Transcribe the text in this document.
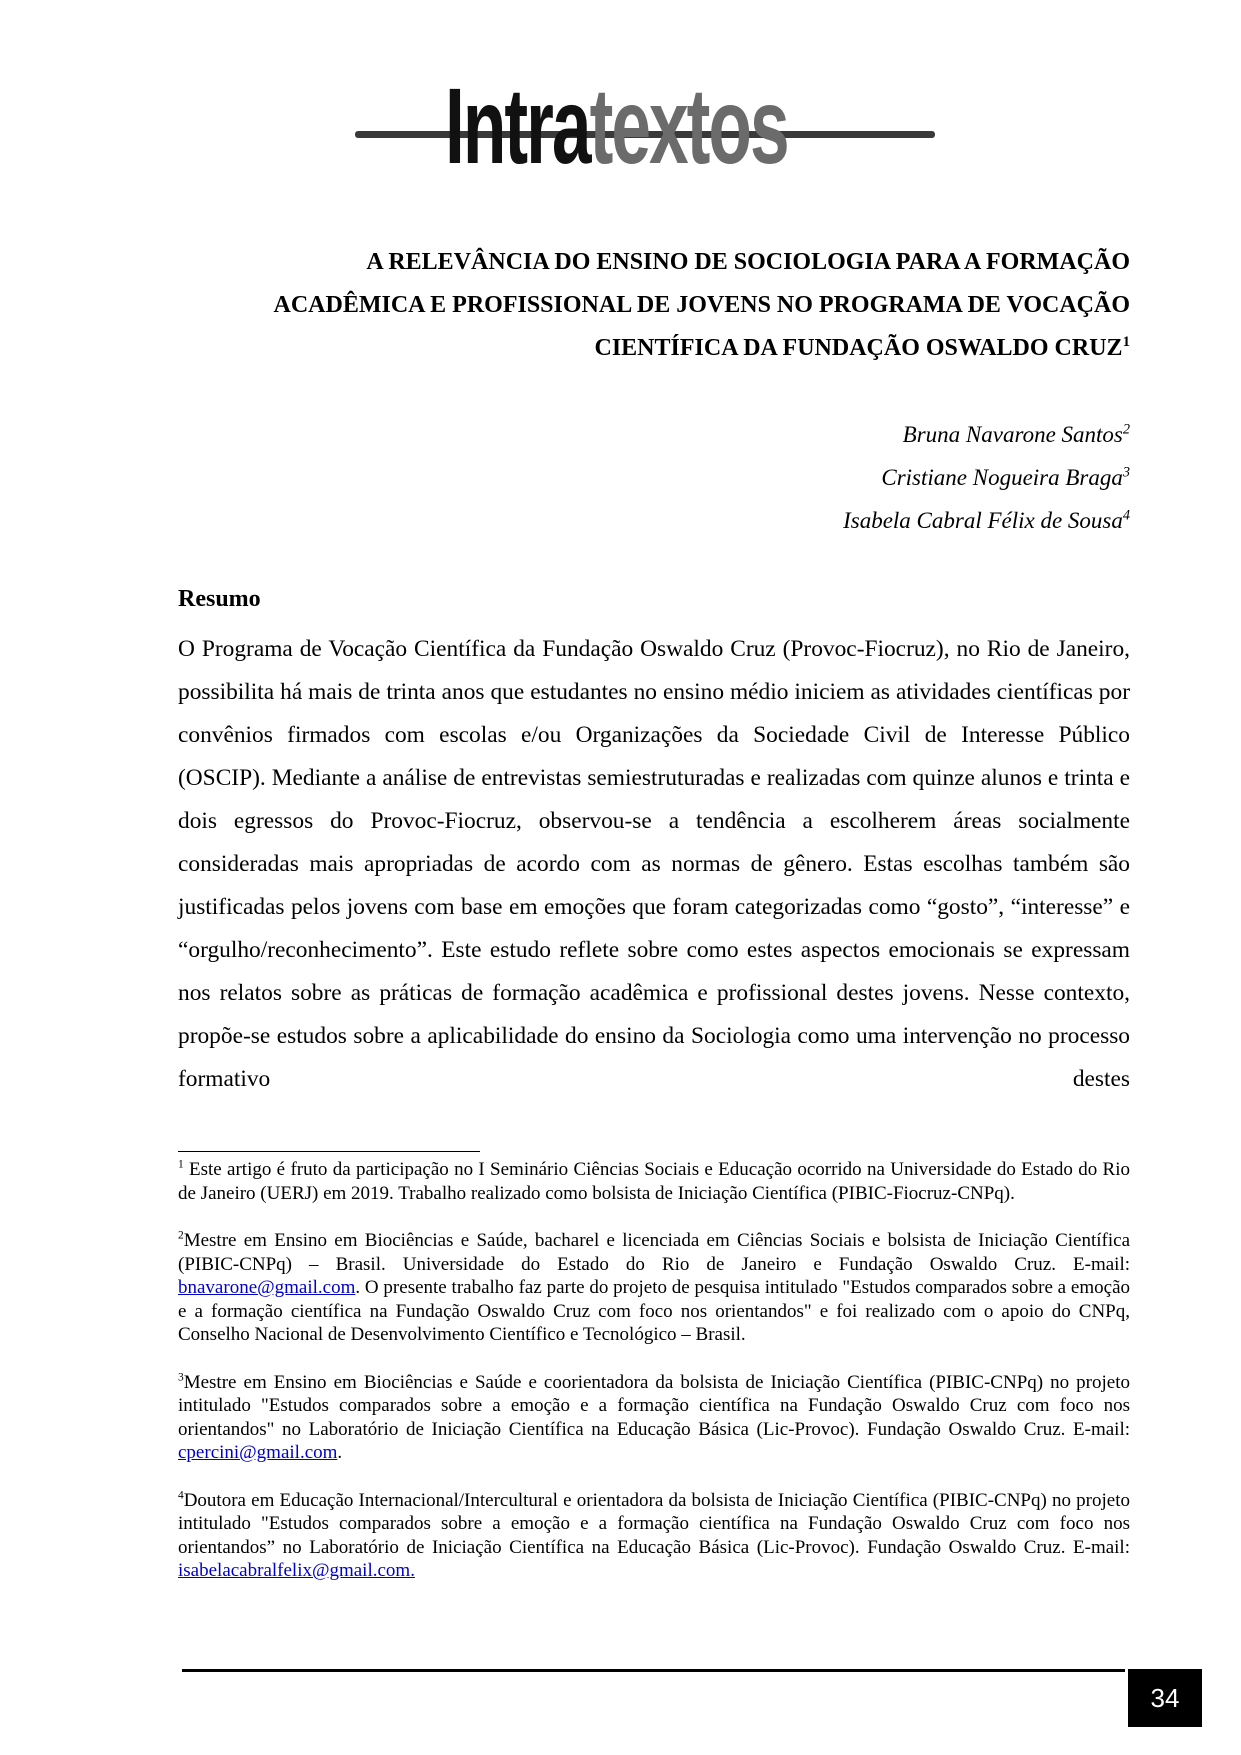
Intratextos
A RELEVÂNCIA DO ENSINO DE SOCIOLOGIA PARA A FORMAÇÃO
ACADÊMICA E PROFISSIONAL DE JOVENS NO PROGRAMA DE VOCAÇÃO
CIENTÍFICA DA FUNDAÇÃO OSWALDO CRUZ$^1$
Bruna Navarone Santos$^2$
Cristiane Nogueira Braga$^3$
Isabela Cabral Félix de Sousa$^4$
Resumo

O Programa de Vocação Científica da Fundação Oswaldo Cruz (Provoc-Fiocruz), no Rio de Janeiro, possibilita há mais de trinta anos que estudantes no ensino médio iniciem as atividades científicas por convênios firmados com escolas e/ou Organizações da Sociedade Civil de Interesse Público (OSCIP). Mediante a análise de entrevistas semiestruturadas e realizadas com quinze alunos e trinta e dois egressos do Provoc-Fiocruz, observou-se a tendência a escolherem áreas socialmente consideradas mais apropriadas de acordo com as normas de gênero. Estas escolhas também são justificadas pelos jovens com base em emoções que foram categorizadas como “gosto”, “interesse” e “orgulho/reconhecimento”. Este estudo reflete sobre como estes aspectos emocionais se expressam nos relatos sobre as práticas de formação acadêmica e profissional destes jovens. Nesse contexto, propõe-se estudos sobre a aplicabilidade do ensino da Sociologia como uma intervenção no processo formativo destes

$^1$ Este artigo é fruto da participação no I Seminário Ciências Sociais e Educação ocorrido na Universidade do Estado do Rio de Janeiro (UERJ) em 2019. Trabalho realizado como bolsista de Iniciação Científica (PIBIC-Fiocruz-CNPq).

$^2$Mestre em Ensino em Biociências e Saúde, bacharel e licenciada em Ciências Sociais e bolsista de Iniciação Científica (PIBIC-CNPq) – Brasil. Universidade do Estado do Rio de Janeiro e Fundação Oswaldo Cruz. E-mail: bnavarone@gmail.com. O presente trabalho faz parte do projeto de pesquisa intitulado "Estudos comparados sobre a emoção e a formação científica na Fundação Oswaldo Cruz com foco nos orientandos" e foi realizado com o apoio do CNPq, Conselho Nacional de Desenvolvimento Científico e Tecnológico – Brasil.

$^3$Mestre em Ensino em Biociências e Saúde e coorientadora da bolsista de Iniciação Científica (PIBIC-CNPq) no projeto intitulado "Estudos comparados sobre a emoção e a formação científica na Fundação Oswaldo Cruz com foco nos orientandos" no Laboratório de Iniciação Científica na Educação Básica (Lic-Provoc). Fundação Oswaldo Cruz. E-mail: cpercini@gmail.com.

$^4$Doutora em Educação Internacional/Intercultural e orientadora da bolsista de Iniciação Científica (PIBIC-CNPq) no projeto intitulado "Estudos comparados sobre a emoção e a formação científica na Fundação Oswaldo Cruz com foco nos orientandos” no Laboratório de Iniciação Científica na Educação Básica (Lic-Provoc). Fundação Oswaldo Cruz. E-mail: isabelacabralfelix@gmail.com.

34
